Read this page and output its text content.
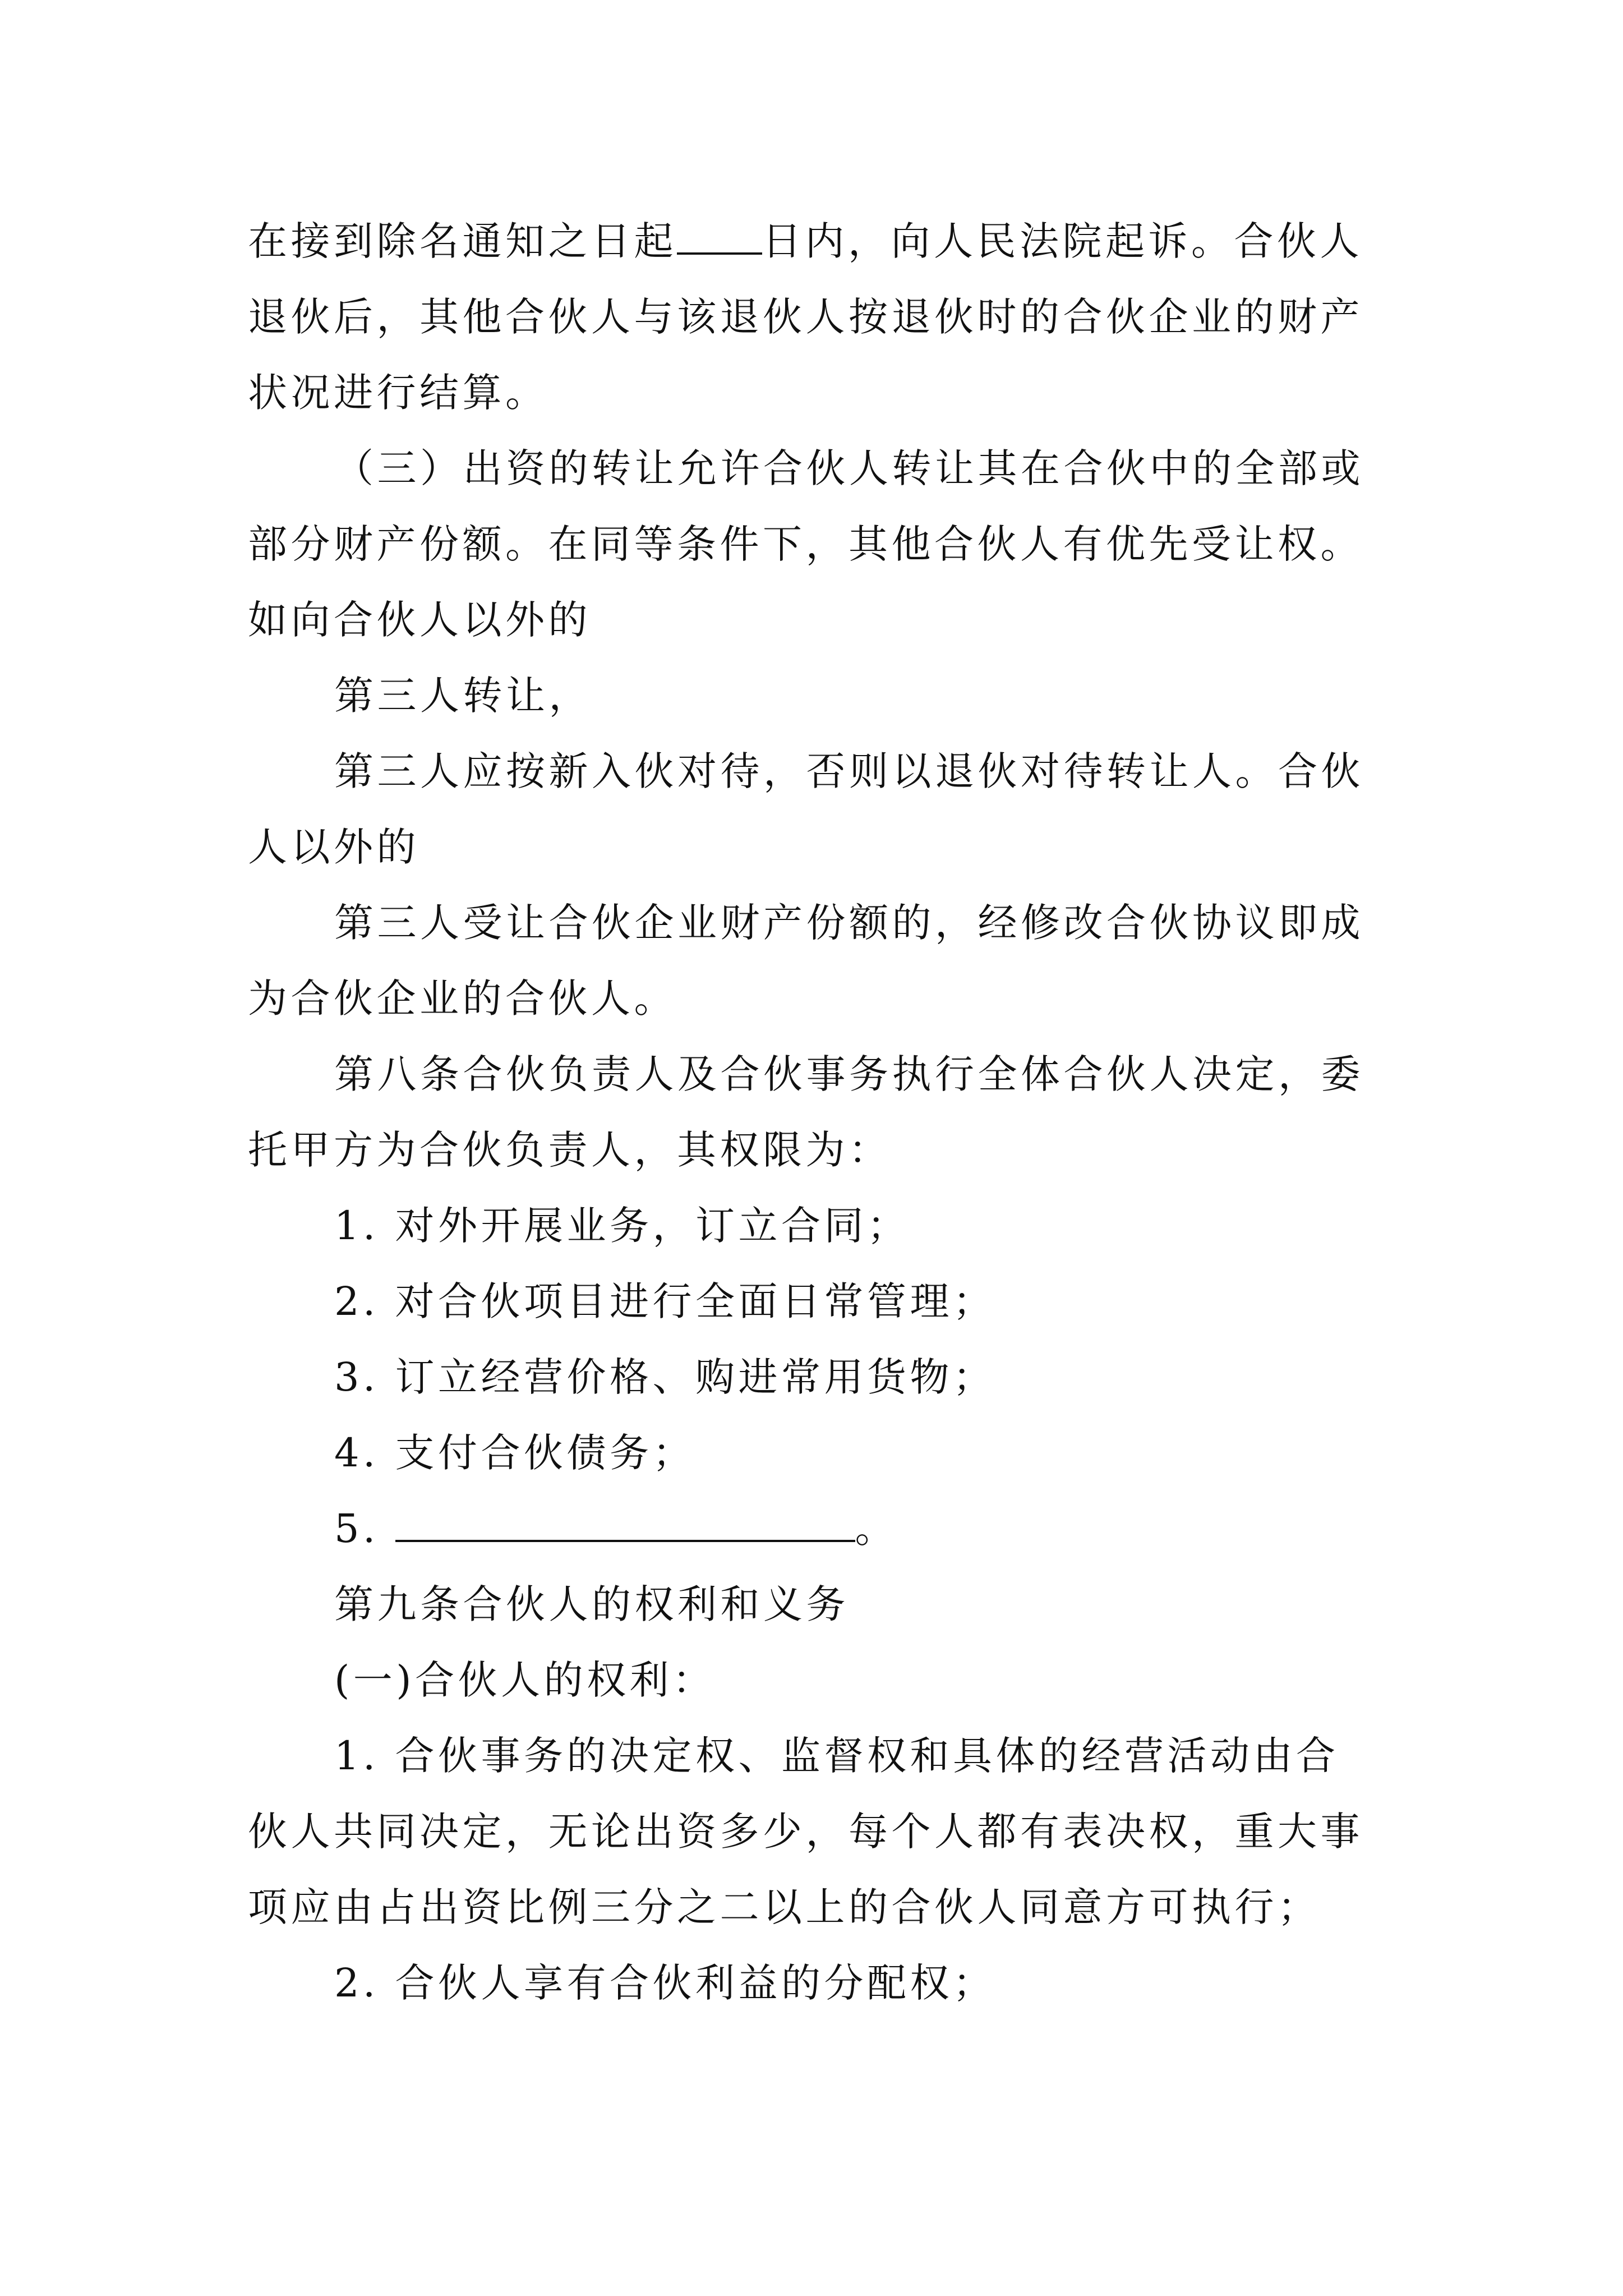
在接到除名通知之日起 日内，向人民法院起诉。合伙人
退伙后，其他合伙人与该退伙人按退伙时的合伙企业的财产
状况进行结算。
（三）出资的转让允许合伙人转让其在合伙中的全部或
部分财产份额。在同等条件下，其他合伙人有优先受让权。
如向合伙人以外的
第三人转让，
第三人应按新入伙对待，否则以退伙对待转让人。合伙
人以外的
第三人受让合伙企业财产份额的，经修改合伙协议即成
为合伙企业的合伙人。
第八条合伙负责人及合伙事务执行全体合伙人决定，委
托甲方为合伙负责人，其权限为：
1. 对外开展业务，订立合同；
2. 对合伙项目进行全面日常管理；
3. 订立经营价格、购进常用货物；
4. 支付合伙债务；
5.	。
第九条合伙人的权利和义务
(一)合伙人的权利：
1. 合伙事务的决定权、监督权和具体的经营活动由合
伙人共同决定，无论出资多少，每个人都有表决权，重大事
项应由占出资比例三分之二以上的合伙人同意方可执行；
2. 合伙人享有合伙利益的分配权；
